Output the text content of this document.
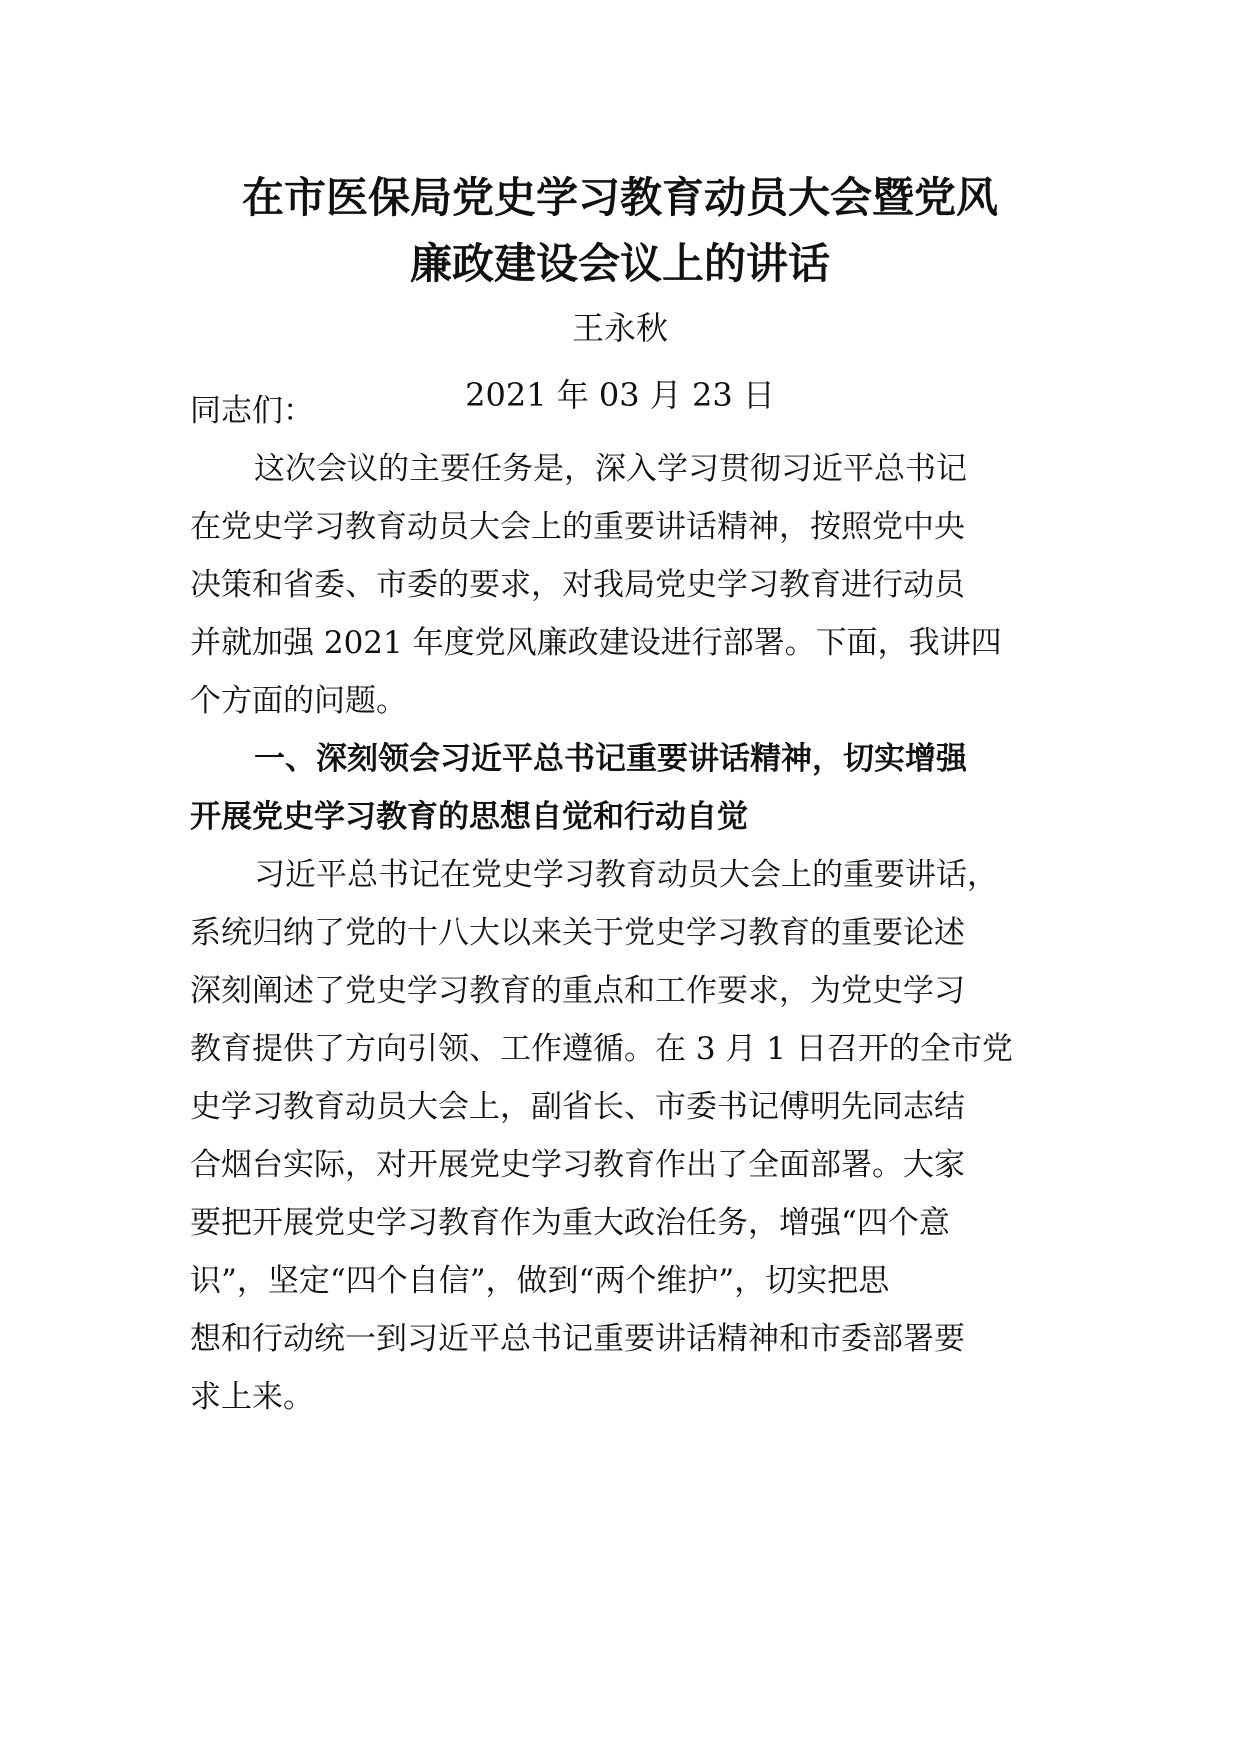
在市医保局党史学习教育动员大会暨党风
廉政建设会议上的讲话
王永秋
2021 年 03 月 23 日
同志们：
这次会议的主要任务是，深入学习贯彻习近平总书记
在党史学习教育动员大会上的重要讲话精神，按照党中央
决策和省委、市委的要求，对我局党史学习教育进行动员
并就加强 2021 年度党风廉政建设进行部署。下面，我讲四
个方面的问题。
一、深刻领会习近平总书记重要讲话精神，切实增强
开展党史学习教育的思想自觉和行动自觉
习近平总书记在党史学习教育动员大会上的重要讲话，
系统归纳了党的十八大以来关于党史学习教育的重要论述
深刻阐述了党史学习教育的重点和工作要求，为党史学习
教育提供了方向引领、工作遵循。在 3 月 1 日召开的全市党
史学习教育动员大会上，副省长、市委书记傅明先同志结
合烟台实际，对开展党史学习教育作出了全面部署。大家
要把开展党史学习教育作为重大政治任务，增强“四个意
识”，坚定“四个自信”，做到“两个维护”，切实把思
想和行动统一到习近平总书记重要讲话精神和市委部署要
求上来。
